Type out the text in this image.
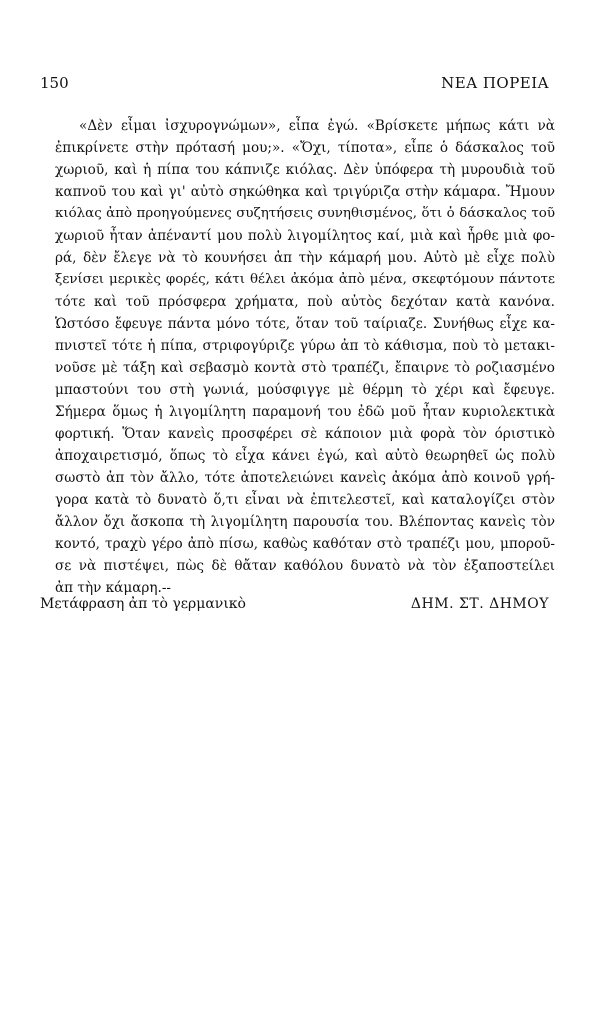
150	ΝΕΑ ΠΟΡΕΙΑ
«Δὲν εἶμαι ἰσχυρογνώμων», εἶπα ἐγώ. «Βρίσκετε μήπως κάτι νὰ
ἐπικρίνετε στὴν πρότασή μου;». «Ὄχι, τίποτα», εἶπε ὁ δάσκαλος τοῦ
χωριοῦ, καὶ ἡ πίπα του κάπνιζε κιόλας. Δὲν ὑπόφερα τὴ μυρουδιὰ τοῦ
καπνοῦ του καὶ γι' αὐτὸ σηκώθηκα καὶ τριγύριζα στὴν κάμαρα. Ἤμουν
κιόλας ἀπὸ προηγούμενες συζητήσεις συνηθισμένος, ὅτι ὁ δάσκαλος τοῦ
χωριοῦ ἦταν ἀπέναντί μου πολὺ λιγομίλητος καί, μιὰ καὶ ἦρθε μιὰ φο-
ρά, δὲν ἔλεγε νὰ τὸ κουνήσει ἀπ τὴν κάμαρή μου. Αὐτὸ μὲ εἶχε πολὺ
ξενίσει μερικὲς φορές, κάτι θέλει ἀκόμα ἀπὸ μένα, σκεφτόμουν πάντοτε
τότε καὶ τοῦ πρόσφερα χρήματα, ποὺ αὐτὸς δεχόταν κατὰ κανόνα.
Ὡστόσο ἔφευγε πάντα μόνο τότε, ὅταν τοῦ ταίριαζε. Συνήθως εἶχε κα-
πνιστεῖ τότε ἡ πίπα, στριφογύριζε γύρω ἀπ τὸ κάθισμα, ποὺ τὸ μετακι-
νοῦσε μὲ τάξη καὶ σεβασμὸ κοντὰ στὸ τραπέζι, ἔπαιρνε τὸ ροζιασμένο
μπαστούνι του στὴ γωνιά, μούσφιγγε μὲ θέρμη τὸ χέρι καὶ ἔφευγε.
Σήμερα ὅμως ἡ λιγομίλητη παραμονή του ἐδῶ μοῦ ἦταν κυριολεκτικὰ
φορτική. Ὅταν κανεὶς προσφέρει σὲ κάποιον μιὰ φορὰ τὸν όριστικὸ
ἀποχαιρετισμό, ὅπως τὸ εἶχα κάνει ἐγώ, καὶ αὐτὸ θεωρηθεῖ ὡς πολὺ
σωστὸ ἀπ τὸν ἄλλο, τότε ἀποτελειώνει κανεὶς ἀκόμα ἀπὸ κοινοῦ γρή-
γορα κατὰ τὸ δυνατὸ ὅ,τι εἶναι νὰ ἐπιτελεστεῖ, καὶ καταλογίζει στὸν
ἄλλον ὄχι ἄσκοπα τὴ λιγομίλητη παρουσία του. Βλέποντας κανεὶς τὸν
κοντό, τραχὺ γέρο ἀπὸ πίσω, καθὼς καθόταν στὸ τραπέζι μου, μποροῦ-
σε νὰ πιστέψει, πὼς δὲ θἄταν καθόλου δυνατὸ νὰ τὸν ἐξαποστείλει
ἀπ τὴν κάμαρη.--
Μετάφραση ἀπ τὸ γερμανικὸ	ΔΗΜ. ΣΤ. ΔΗΜΟΥ
